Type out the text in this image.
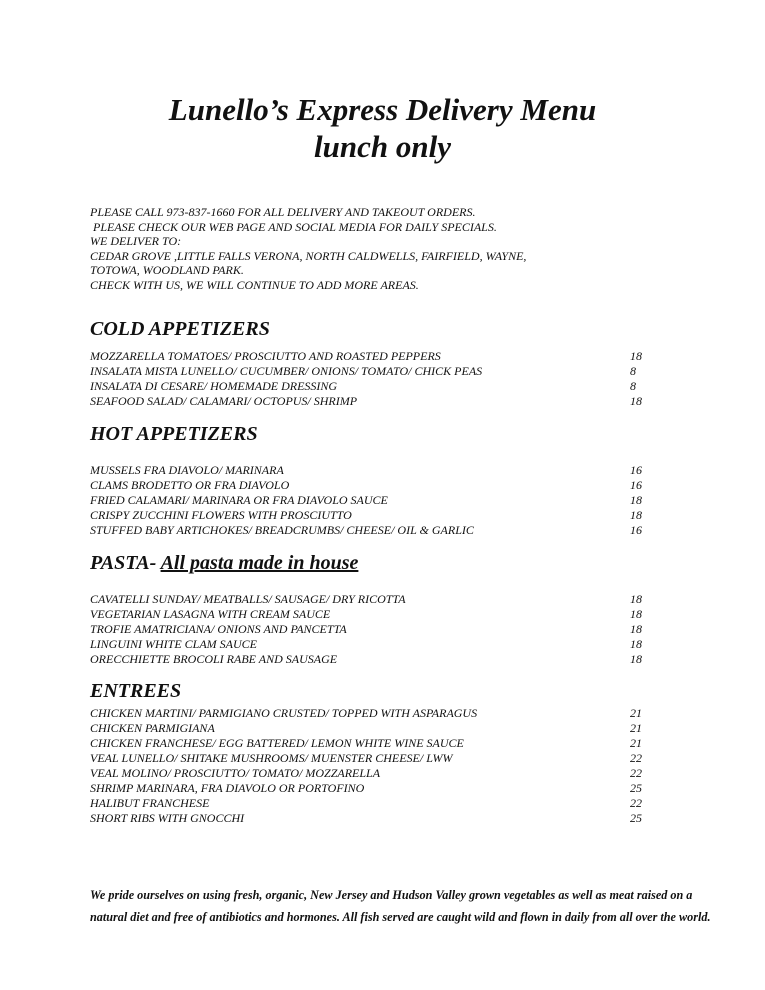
Lunello’s Express Delivery Menu
lunch only
PLEASE CALL 973-837-1660 FOR ALL DELIVERY AND TAKEOUT ORDERS.
PLEASE CHECK OUR WEB PAGE AND SOCIAL MEDIA FOR DAILY SPECIALS.
WE DELIVER TO:
CEDAR GROVE ,LITTLE FALLS VERONA, NORTH CALDWELLS, FAIRFIELD, WAYNE,
TOTOWA, WOODLAND PARK.
CHECK WITH US, WE WILL CONTINUE TO ADD MORE AREAS.
COLD APPETIZERS
MOZZARELLA TOMATOES/ PROSCIUTTO AND ROASTED PEPPERS	18
INSALATA MISTA LUNELLO/ CUCUMBER/ ONIONS/ TOMATO/ CHICK PEAS	8
INSALATA DI CESARE/ HOMEMADE DRESSING	8
SEAFOOD SALAD/ CALAMARI/ OCTOPUS/ SHRIMP	18
HOT APPETIZERS
MUSSELS FRA DIAVOLO/ MARINARA	16
CLAMS BRODETTO OR FRA DIAVOLO	16
FRIED CALAMARI/ MARINARA OR FRA DIAVOLO SAUCE	18
CRISPY ZUCCHINI FLOWERS WITH PROSCIUTTO	18
STUFFED BABY ARTICHOKES/ BREADCRUMBS/ CHEESE/ OIL & GARLIC	16
PASTA- All pasta made in house
CAVATELLI SUNDAY/ MEATBALLS/ SAUSAGE/ DRY RICOTTA	18
VEGETARIAN LASAGNA WITH CREAM SAUCE	18
TROFIE AMATRICIANA/ ONIONS AND PANCETTA	18
LINGUINI WHITE CLAM SAUCE	18
ORECCHIETTE BROCOLI RABE AND SAUSAGE	18
ENTREES
CHICKEN MARTINI/ PARMIGIANO CRUSTED/ TOPPED WITH ASPARAGUS	21
CHICKEN PARMIGIANA	21
CHICKEN FRANCHESE/ EGG BATTERED/ LEMON WHITE WINE SAUCE	21
VEAL LUNELLO/ SHITAKE MUSHROOMS/ MUENSTER CHEESE/ LWW	22
VEAL MOLINO/ PROSCIUTTO/ TOMATO/ MOZZARELLA	22
SHRIMP MARINARA, FRA DIAVOLO OR PORTOFINO	25
HALIBUT FRANCHESE	22
SHORT RIBS WITH GNOCCHI	25
We pride ourselves on using fresh, organic, New Jersey and Hudson Valley grown vegetables as well as meat raised on a
natural diet and free of antibiotics and hormones. All fish served are caught wild and flown in daily from all over the world.
